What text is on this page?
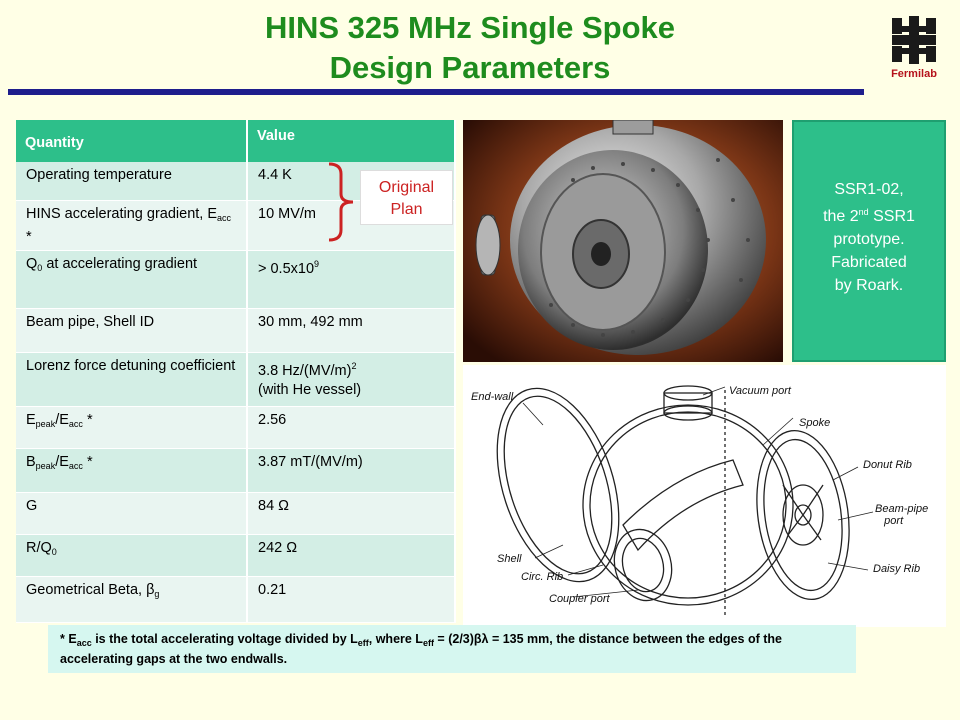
HINS 325 MHz Single Spoke
Design Parameters	Fermilab
Quantity	Value
Operating temperature	4.4 K
HINS accelerating gradient, $E_{acc}$ *	10 MV/m
$Q_0$ at accelerating gradient	> $0.5x10^9$
Beam pipe, Shell ID	30 mm, 492 mm
Lorenz force detuning coefficient	3.8 $Hz/(MV/m)^2$
(with He vessel)
$E_{peak}/E_{acc}$ *	2.56
$B_{peak}/E_{acc}$ *	3.87 mT/(MV/m)
G	84 Ω
$R/Q_0$	242 Ω
Geometrical Beta, $\beta_g$	0.21
Original
Plan
SSR1-02,
the 2nd SSR1
prototype.
Fabricated
by Roark.
Vacuum port
End-wall
Spoke
Donut Rib
Beam-pipe
port
Shell
Circ. Rib
Daisy Rib
Coupler port
* $E_{acc}$ is the total accelerating voltage divided by $L_{eff}$, where $L_{eff} = (2/3)\beta\lambda = 135$ mm, the distance between the edges of the accelerating gaps at the two endwalls.
